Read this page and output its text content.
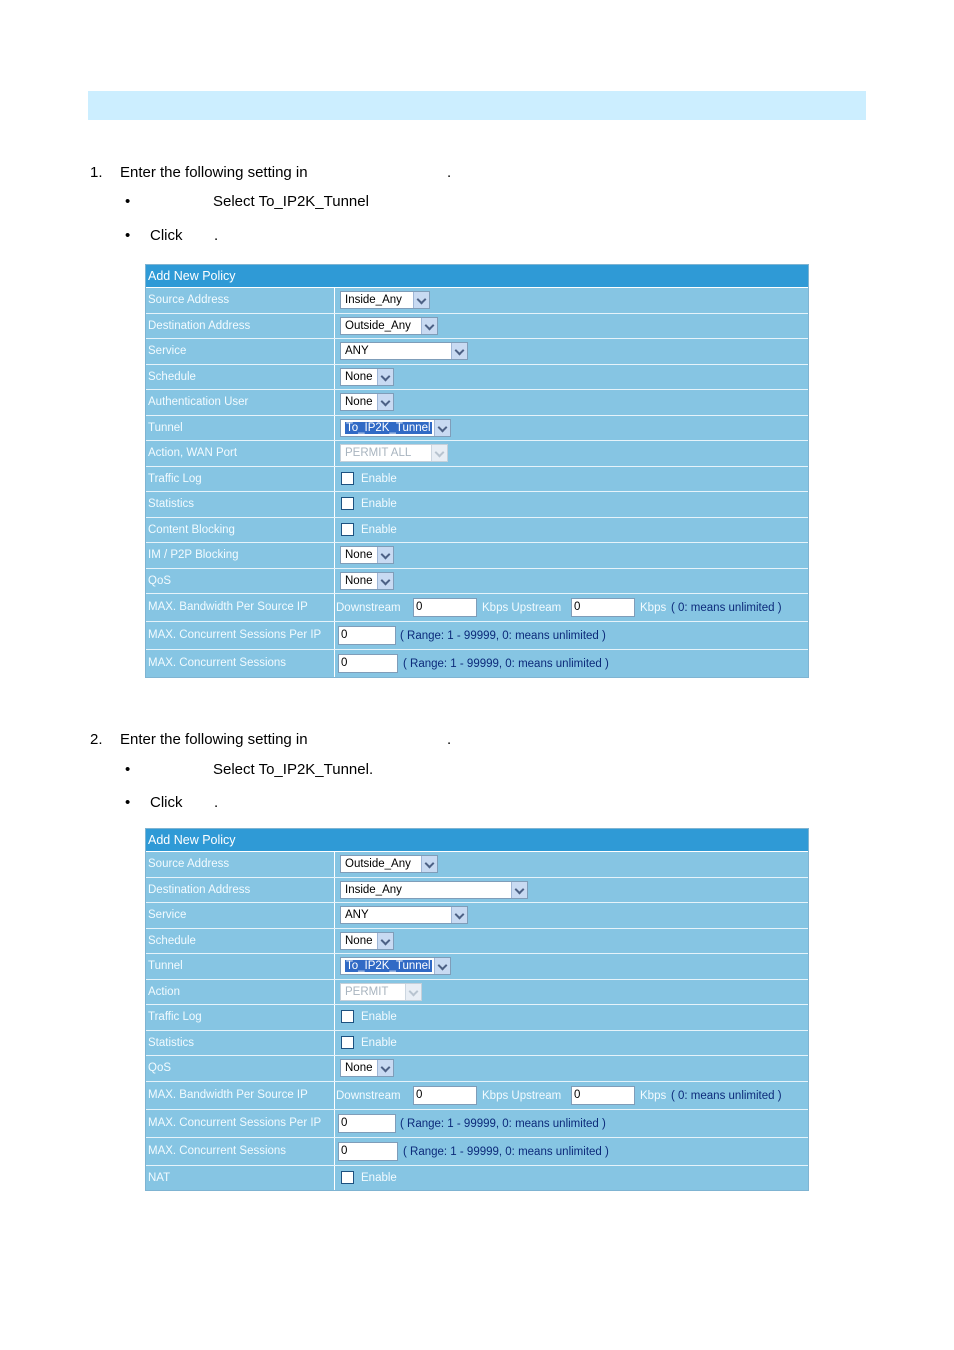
1. Enter the following setting in	.
•	Select To_IP2K_Tunnel
• Click .
Add New Policy
Source Address	Inside_Any
Destination Address	Outside_Any
Service	ANY
Schedule	None
Authentication User	None
Tunnel	To_IP2K_Tunnel
Action, WAN Port	PERMIT ALL
Traffic Log	Enable
Statistics	Enable
Content Blocking	Enable
IM / P2P Blocking	None
QoS	None
MAX. Bandwidth Per Source IP	Downstream 0	Kbps Upstream 0	Kbps ( 0: means unlimited )
MAX. Concurrent Sessions Per IP	0	( Range: 1 - 99999, 0: means unlimited )
MAX. Concurrent Sessions	0	( Range: 1 - 99999, 0: means unlimited )
2. Enter the following setting in	.
•	Select To_IP2K_Tunnel.
• Click .
Add New Policy
Source Address	Outside_Any
Destination Address	Inside_Any
Service	ANY
Schedule	None
Tunnel	To_IP2K_Tunnel
Action	PERMIT
Traffic Log	Enable
Statistics	Enable
QoS	None
MAX. Bandwidth Per Source IP	Downstream 0	Kbps Upstream 0	Kbps ( 0: means unlimited )
MAX. Concurrent Sessions Per IP	0	( Range: 1 - 99999, 0: means unlimited )
MAX. Concurrent Sessions	0	( Range: 1 - 99999, 0: means unlimited )
NAT	Enable
